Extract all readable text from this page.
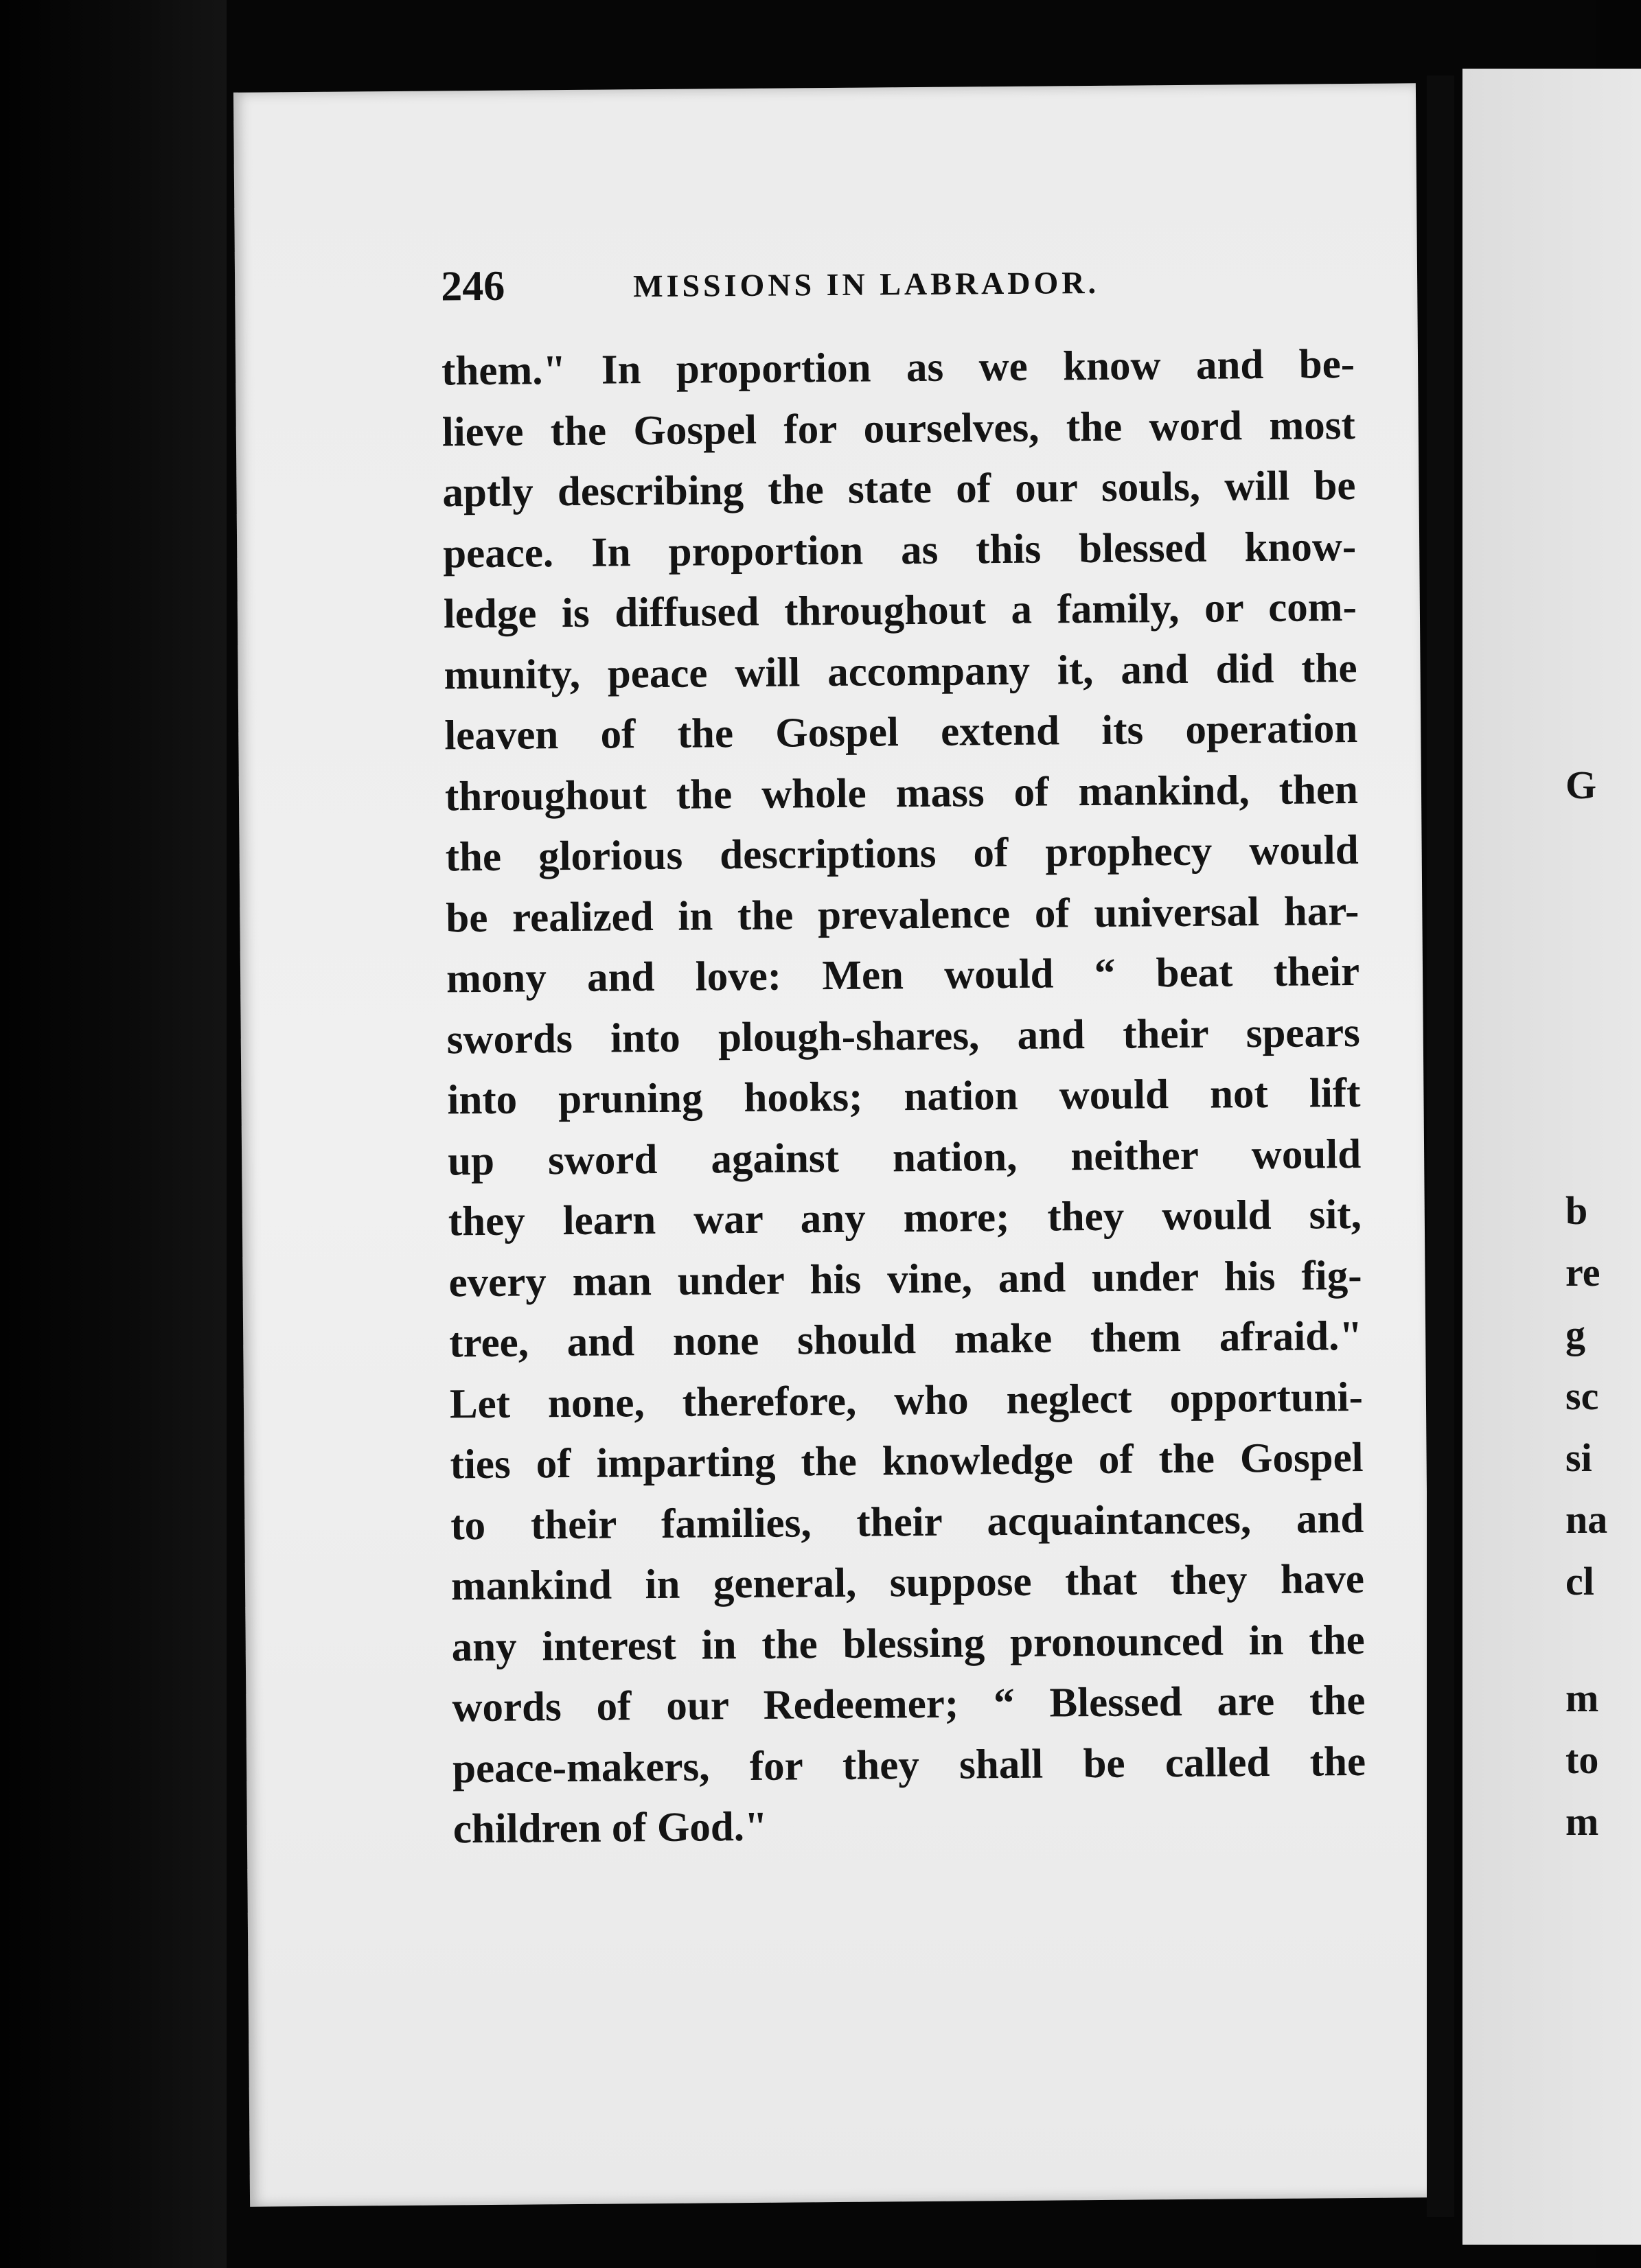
246	MISSIONS IN LABRADOR.
them." In proportion as we know and be-
lieve the Gospel for ourselves, the word most
aptly describing the state of our souls, will be
peace. In proportion as this blessed know-
ledge is diffused throughout a family, or com-
munity, peace will accompany it, and did the
leaven of the Gospel extend its operation
throughout the whole mass of mankind, then
the glorious descriptions of prophecy would
be realized in the prevalence of universal har-
mony and love: Men would “ beat their
swords into plough-shares, and their spears
into pruning hooks; nation would not lift
up sword against nation, neither would
they learn war any more; they would sit,
every man under his vine, and under his fig-
tree, and none should make them afraid."
Let none, therefore, who neglect opportuni-
ties of imparting the knowledge of the Gospel
to their families, their acquaintances, and
mankind in general, suppose that they have
any interest in the blessing pronounced in the
words of our Redeemer; “ Blessed are the
peace-makers, for they shall be called the
children of God."
G
b
re
g
sc
si
na
cl
m
to
m
